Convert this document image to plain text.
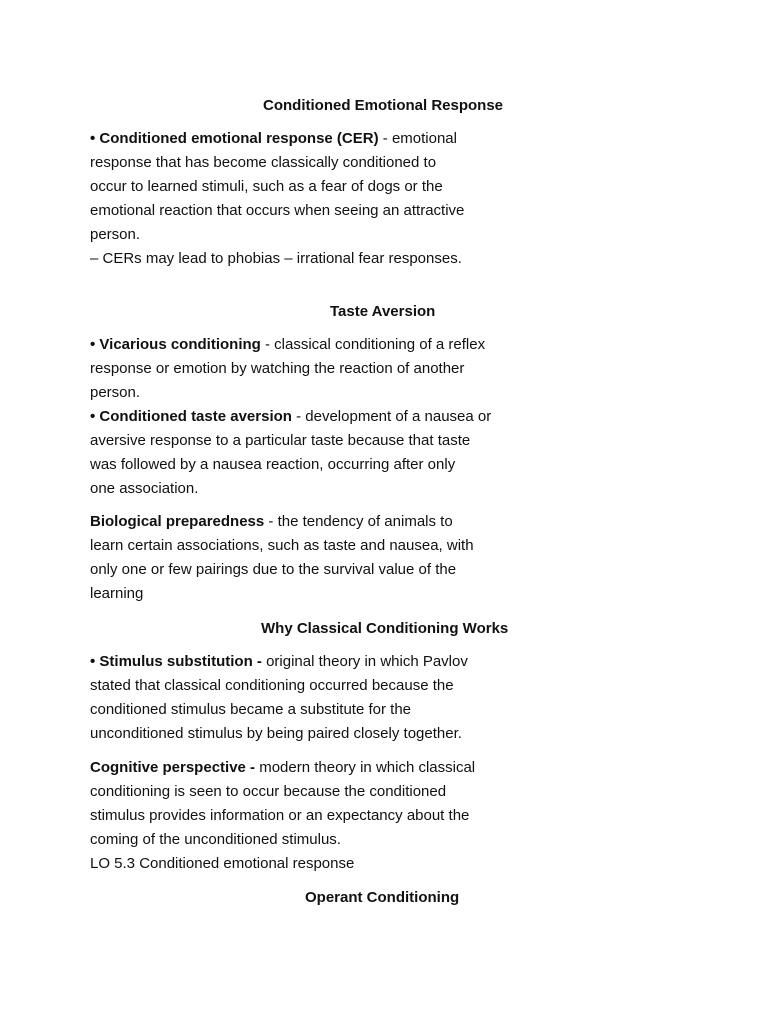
Conditioned Emotional Response
• Conditioned emotional response (CER) - emotional
response that has become classically conditioned to
occur to learned stimuli, such as a fear of dogs or the
emotional reaction that occurs when seeing an attractive
person.
– CERs may lead to phobias – irrational fear responses.
Taste Aversion
• Vicarious conditioning - classical conditioning of a reflex
response or emotion by watching the reaction of another
person.
• Conditioned taste aversion - development of a nausea or
aversive response to a particular taste because that taste
was followed by a nausea reaction, occurring after only
one association.
Biological preparedness - the tendency of animals to
learn certain associations, such as taste and nausea, with
only one or few pairings due to the survival value of the
learning
Why Classical Conditioning Works
• Stimulus substitution - original theory in which Pavlov
stated that classical conditioning occurred because the
conditioned stimulus became a substitute for the
unconditioned stimulus by being paired closely together.
Cognitive perspective - modern theory in which classical
conditioning is seen to occur because the conditioned
stimulus provides information or an expectancy about the
coming of the unconditioned stimulus.
LO 5.3 Conditioned emotional response
Operant Conditioning
